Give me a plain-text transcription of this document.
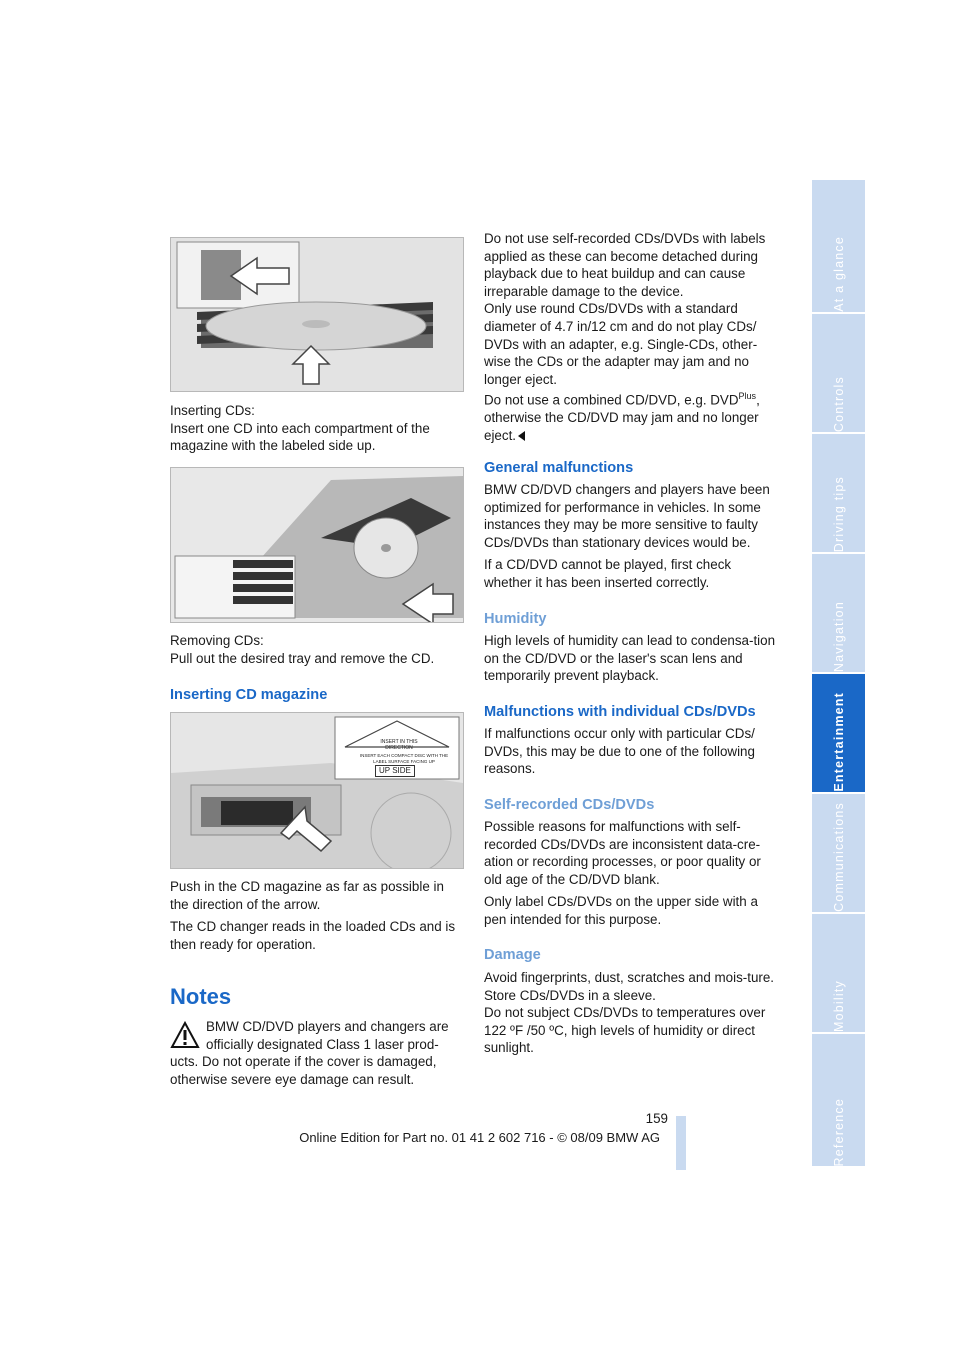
Inserting CDs:

Insert one CD into each compartment of the magazine with the labeled side up.

Removing CDs:

Pull out the desired tray and remove the CD.

Inserting CD magazine
INSERT IN THIS DIRECTION
INSERT EACH COMPACT DISC WITH THE LABEL SURFACE FACING UP
UP SIDE

Push in the CD magazine as far as possible in the direction of the arrow.

The CD changer reads in the loaded CDs and is then ready for operation.

Notes

BMW CD/DVD players and changers are officially designated Class 1 laser prod-ucts. Do not operate if the cover is damaged, otherwise severe eye damage can result.

Do not use self-recorded CDs/DVDs with labels applied as these can become detached during playback due to heat buildup and can cause irreparable damage to the device.

Only use round CDs/DVDs with a standard diameter of 4.7 in/12 cm and do not play CDs/ DVDs with an adapter, e.g. Single-CDs, other-wise the CDs or the adapter may jam and no longer eject.

Do not use a combined CD/DVD, e.g. $DVD^{Plus}$, otherwise the CD/DVD may jam and no longer eject.

General malfunctions

BMW CD/DVD changers and players have been optimized for performance in vehicles. In some instances they may be more sensitive to faulty CDs/DVDs than stationary devices would be.

If a CD/DVD cannot be played, first check whether it has been inserted correctly.

Humidity

High levels of humidity can lead to condensa-tion on the CD/DVD or the laser's scan lens and temporarily prevent playback.

Malfunctions with individual CDs/DVDs

If malfunctions occur only with particular CDs/ DVDs, this may be due to one of the following reasons.

Self-recorded CDs/DVDs

Possible reasons for malfunctions with self-recorded CDs/DVDs are inconsistent data-cre-ation or recording processes, or poor quality or old age of the CD/DVD blank.

Only label CDs/DVDs on the upper side with a pen intended for this purpose.

Damage

Avoid fingerprints, dust, scratches and mois-ture.

Store CDs/DVDs in a sleeve.

Do not subject CDs/DVDs to temperatures over 122 ºF /50 ºC, high levels of humidity or direct sunlight.

At a glance
Controls
Driving tips
Navigation
Entertainment
Communications
Mobility
Reference
159
Online Edition for Part no. 01 41 2 602 716 - © 08/09 BMW AG
